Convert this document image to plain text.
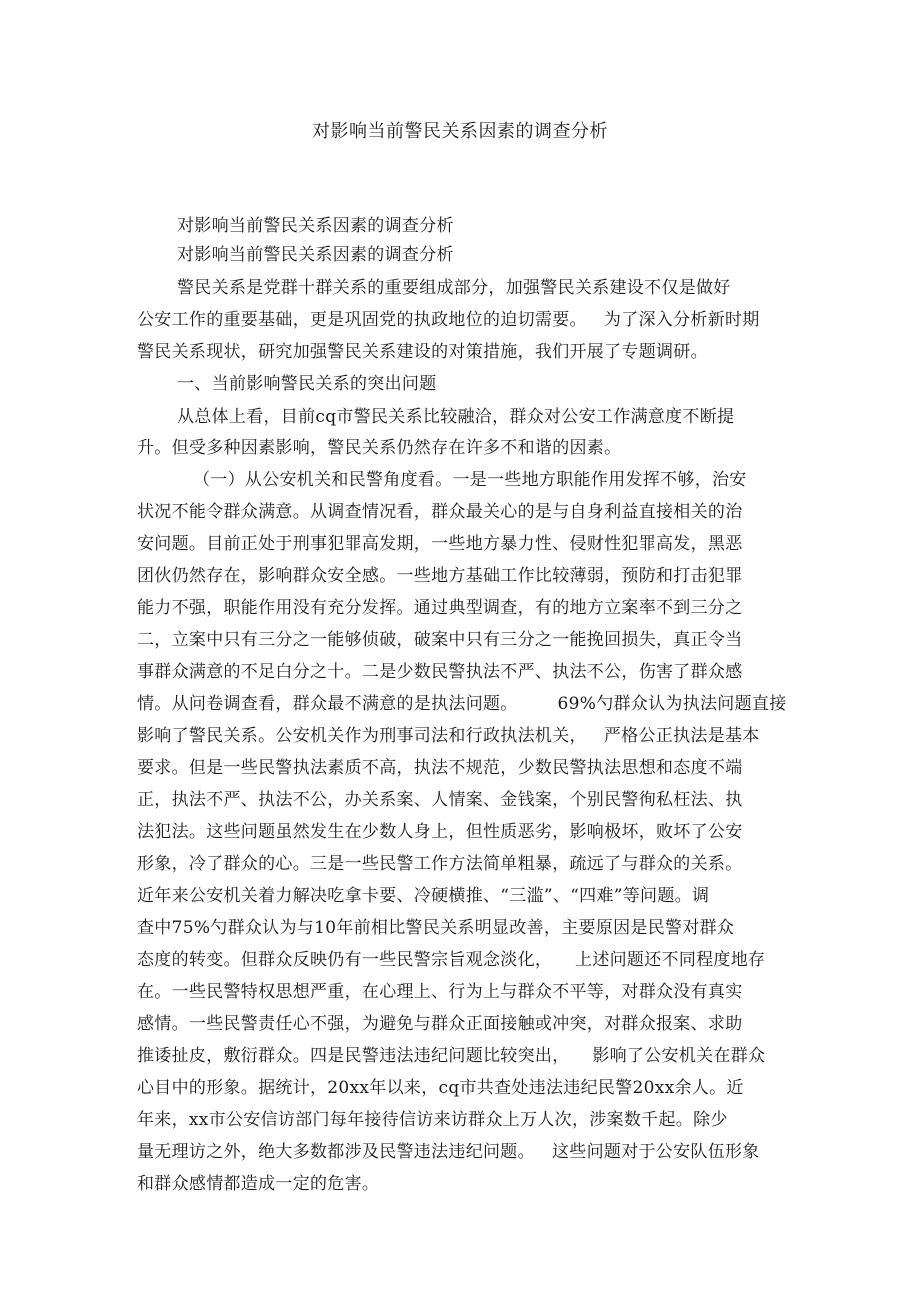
对影响当前警民关系因素的调查分析
对影响当前警民关系因素的调查分析
对影响当前警民关系因素的调查分析
警民关系是党群十群关系的重要组成部分，加强警民关系建设不仅是做好
公安工作的重要基础，更是巩固党的执政地位的迫切需要。   为了深入分析新时期
警民关系现状，研究加强警民关系建设的对策措施，我们开展了专题调研。
一、当前影响警民关系的突出问题
从总体上看，目前cq市警民关系比较融洽，群众对公安工作满意度不断提
升。但受多种因素影响，警民关系仍然存在许多不和谐的因素。
（一）从公安机关和民警角度看。一是一些地方职能作用发挥不够，治安
状况不能令群众满意。从调查情况看，群众最关心的是与自身利益直接相关的治
安问题。目前正处于刑事犯罪高发期，一些地方暴力性、侵财性犯罪高发，黑恶
团伙仍然存在，影响群众安全感。一些地方基础工作比较薄弱，预防和打击犯罪
能力不强，职能作用没有充分发挥。通过典型调查，有的地方立案率不到三分之
二，立案中只有三分之一能够侦破，破案中只有三分之一能挽回损失，真正令当
事群众满意的不足白分之十。二是少数民警执法不严、执法不公，伤害了群众感
情。从问卷调查看，群众最不满意的是执法问题。       69%勺群众认为执法问题直接
影响了警民关系。公安机关作为刑事司法和行政执法机关，   严格公正执法是基本
要求。但是一些民警执法素质不高，执法不规范，少数民警执法思想和态度不端
正，执法不严、执法不公，办关系案、人情案、金钱案，个别民警徇私枉法、执
法犯法。这些问题虽然发生在少数人身上，但性质恶劣，影响极坏，败坏了公安
形象，冷了群众的心。三是一些民警工作方法简单粗暴，疏远了与群众的关系。
近年来公安机关着力解决吃拿卡要、冷硬横推、“三滥”、“四难”等问题。调
查中75%勺群众认为与10年前相比警民关系明显改善，主要原因是民警对群众
态度的转变。但群众反映仍有一些民警宗旨观念淡化，    上述问题还不同程度地存
在。一些民警特权思想严重，在心理上、行为上与群众不平等，对群众没有真实
感情。一些民警责任心不强，为避免与群众正面接触或冲突，对群众报案、求助
推诿扯皮，敷衍群众。四是民警违法违纪问题比较突出，    影响了公安机关在群众
心目中的形象。据统计，20xx年以来，cq市共查处违法违纪民警20xx余人。近
年来，xx市公安信访部门每年接待信访来访群众上万人次，涉案数千起。除少
量无理访之外，绝大多数都涉及民警违法违纪问题。   这些问题对于公安队伍形象
和群众感情都造成一定的危害。
